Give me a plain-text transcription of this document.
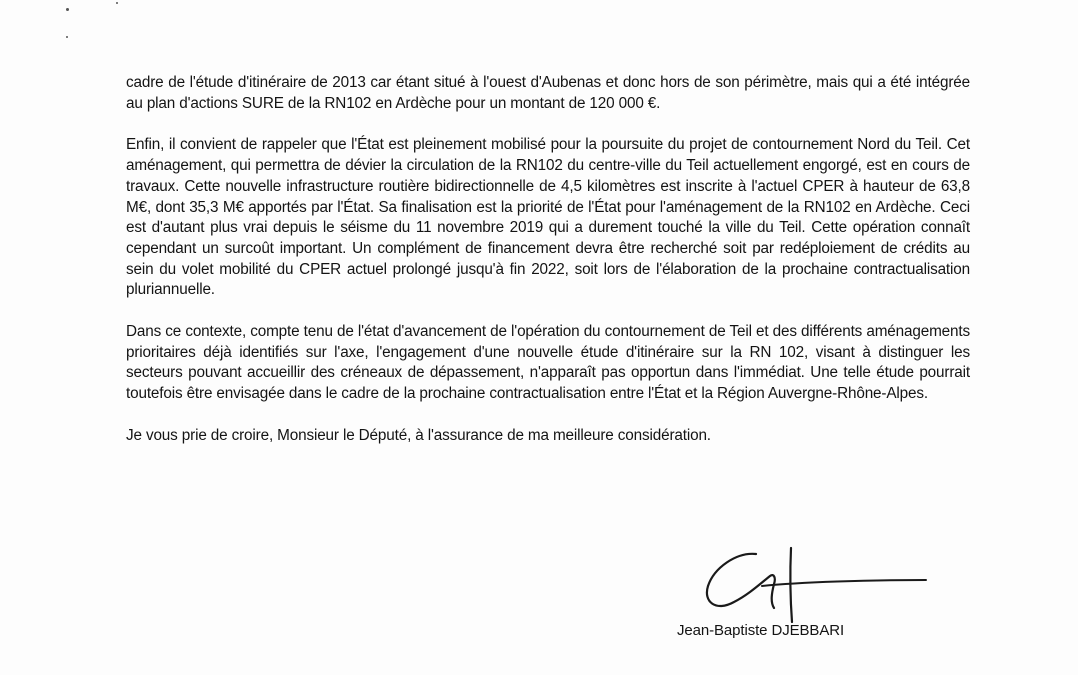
cadre de l'étude d'itinéraire de 2013 car étant situé à l'ouest d'Aubenas et donc hors de son périmètre, mais qui a été intégrée au plan d'actions SURE de la RN102 en Ardèche pour un montant de 120 000 €.

Enfin, il convient de rappeler que l'État est pleinement mobilisé pour la poursuite du projet de contournement Nord du Teil. Cet aménagement, qui permettra de dévier la circulation de la RN102 du centre-ville du Teil actuellement engorgé, est en cours de travaux. Cette nouvelle infrastructure routière bidirectionnelle de 4,5 kilomètres est inscrite à l'actuel CPER à hauteur de 63,8 M€, dont 35,3 M€ apportés par l'État. Sa finalisation est la priorité de l'État pour l'aménagement de la RN102 en Ardèche. Ceci est d'autant plus vrai depuis le séisme du 11 novembre 2019 qui a durement touché la ville du Teil. Cette opération connaît cependant un surcoût important. Un complément de financement devra être recherché soit par redéploiement de crédits au sein du volet mobilité du CPER actuel prolongé jusqu'à fin 2022, soit lors de l'élaboration de la prochaine contractualisation pluriannuelle.

Dans ce contexte, compte tenu de l'état d'avancement de l'opération du contournement de Teil et des différents aménagements prioritaires déjà identifiés sur l'axe, l'engagement d'une nouvelle étude d'itinéraire sur la RN 102, visant à distinguer les secteurs pouvant accueillir des créneaux de dépassement, n'apparaît pas opportun dans l'immédiat. Une telle étude pourrait toutefois être envisagée dans le cadre de la prochaine contractualisation entre l'État et la Région Auvergne-Rhône-Alpes.

Je vous prie de croire, Monsieur le Député, à l'assurance de ma meilleure considération.

Jean-Baptiste DJEBBARI
